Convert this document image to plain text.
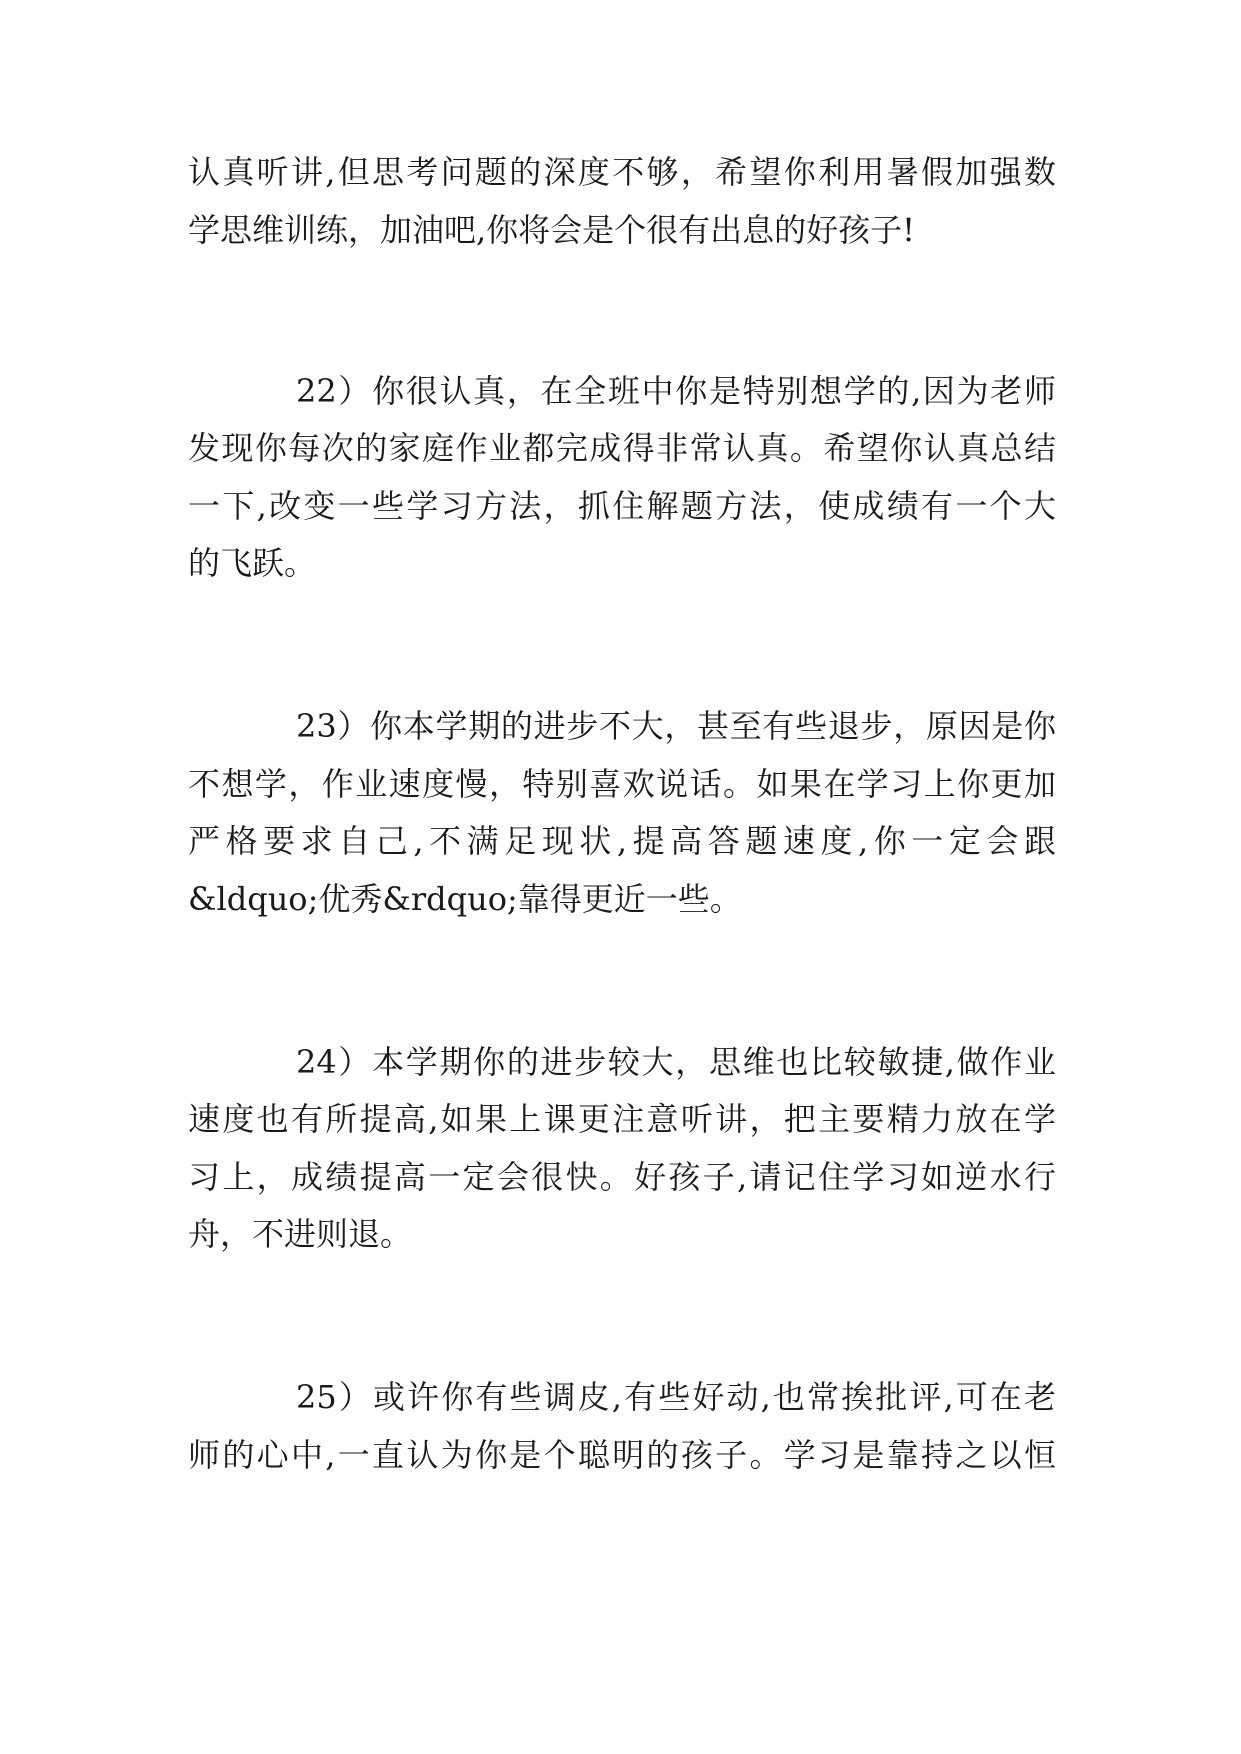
认真听讲,但思考问题的深度不够，希望你利用暑假加强数
学思维训练，加油吧,你将会是个很有出息的好孩子!
22）你很认真，在全班中你是特别想学的,因为老师
发现你每次的家庭作业都完成得非常认真。希望你认真总结
一下,改变一些学习方法，抓住解题方法，使成绩有一个大
的飞跃。
23）你本学期的进步不大，甚至有些退步，原因是你
不想学，作业速度慢，特别喜欢说话。如果在学习上你更加
严格要求自己,不满足现状,提高答题速度,你一定会跟
&ldquo;优秀&rdquo;靠得更近一些。
24）本学期你的进步较大，思维也比较敏捷,做作业
速度也有所提高,如果上课更注意听讲，把主要精力放在学
习上，成绩提高一定会很快。好孩子,请记住学习如逆水行
舟，不进则退。
25）或许你有些调皮,有些好动,也常挨批评,可在老
师的心中,一直认为你是个聪明的孩子。学习是靠持之以恒
